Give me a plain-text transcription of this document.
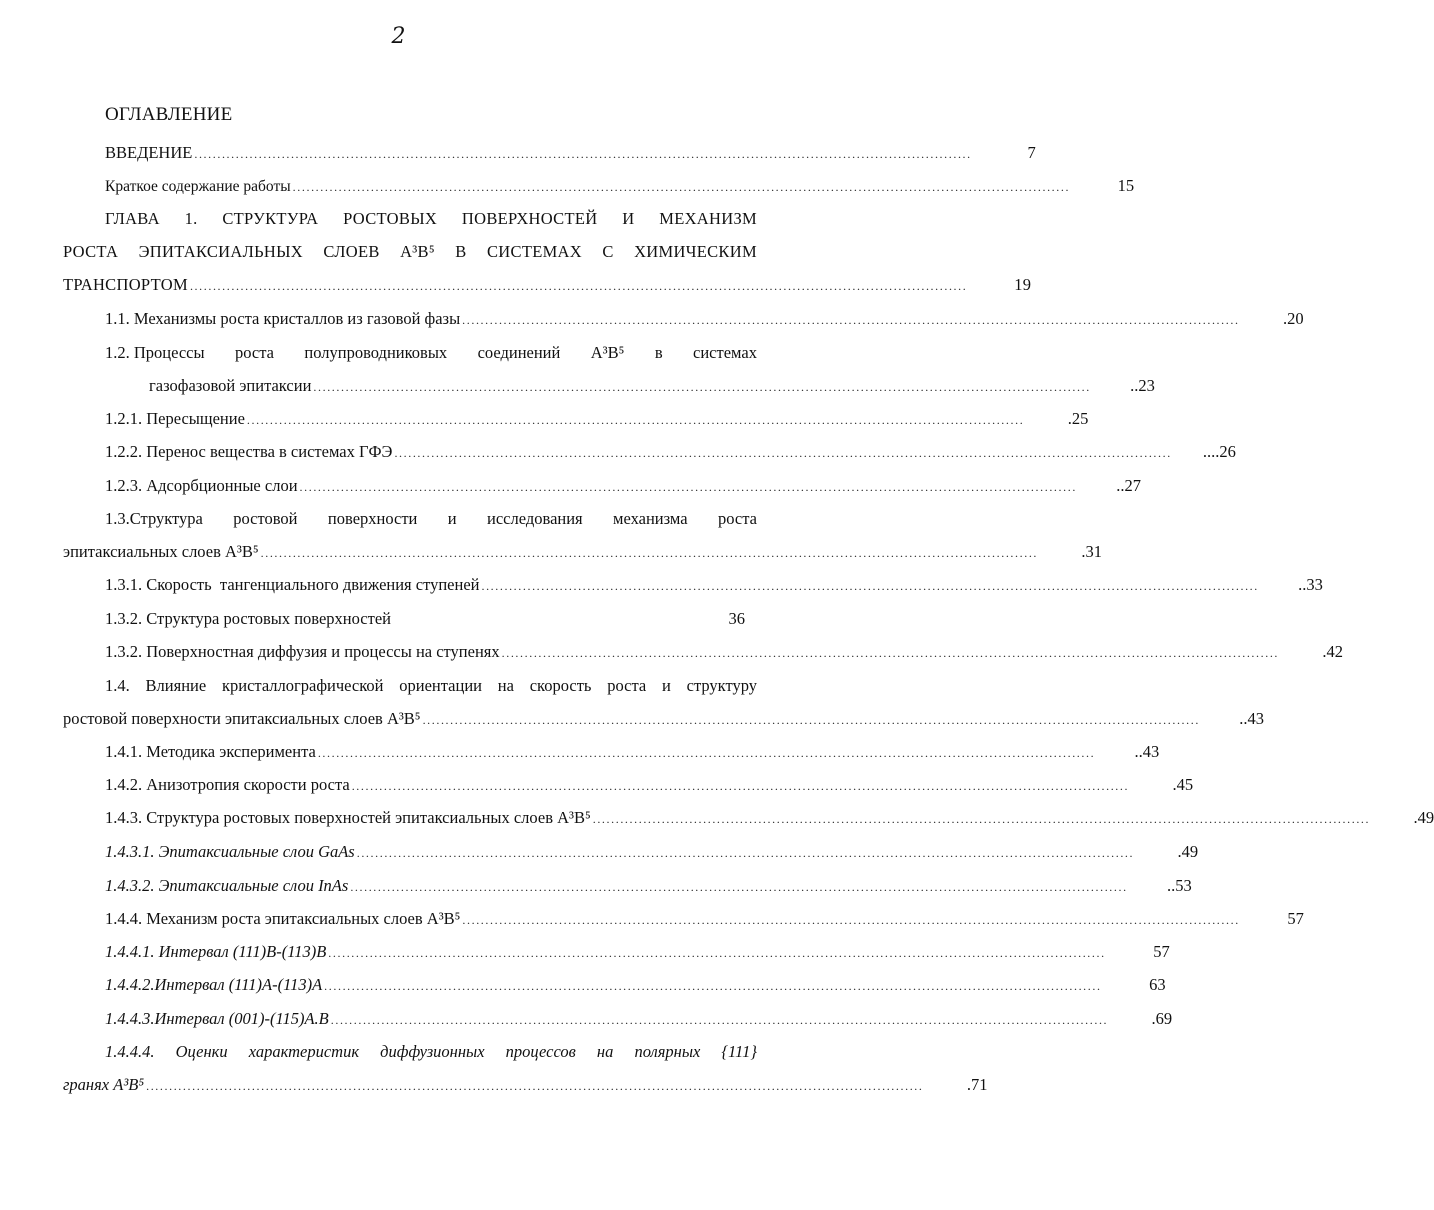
2
ОГЛАВЛЕНИЕ
ВВЕДЕНИЕ .........................................................................................................................................................................	7
Краткое содержание работы .........................................................................................................................................................................	15
ГЛАВА 1. СТРУКТУРА РОСТОВЫХ ПОВЕРХНОСТЕЙ И МЕХАНИЗМ
РОСТА ЭПИТАКСИАЛЬНЫХ СЛОЕВ A³B⁵ В СИСТЕМАХ С ХИМИЧЕСКИМ
ТРАНСПОРТОМ .........................................................................................................................................................................	19
1.1. Механизмы роста кристаллов из газовой фазы .........................................................................................................................................................................	.20
1.2. Процессы роста полупроводниковых соединений A³B⁵ в системах
газофазовой эпитаксии .........................................................................................................................................................................	..23
1.2.1. Пересыщение .........................................................................................................................................................................	.25
1.2.2. Перенос вещества в системах ГФЭ .........................................................................................................................................................................	....26
1.2.3. Адсорбционные слои .........................................................................................................................................................................	..27
1.3.Структура ростовой поверхности и исследования механизма роста
эпитаксиальных слоев A³B⁵ .........................................................................................................................................................................	.31
1.3.1. Скорость  тангенциального движения ступеней .........................................................................................................................................................................	..33
1.3.2. Структура ростовых поверхностей	36
1.3.2. Поверхностная диффузия и процессы на ступенях .........................................................................................................................................................................	.42
1.4. Влияние кристаллографической ориентации на скорость роста и структуру
ростовой поверхности эпитаксиальных слоев A³B⁵ .........................................................................................................................................................................	..43
1.4.1. Методика эксперимента .........................................................................................................................................................................	..43
1.4.2. Анизотропия скорости роста .........................................................................................................................................................................	.45
1.4.3. Структура ростовых поверхностей эпитаксиальных слоев A³B⁵ .........................................................................................................................................................................	.49
1.4.3.1. Эпитаксиальные слои GaAs .........................................................................................................................................................................	.49
1.4.3.2. Эпитаксиальные слои InAs .........................................................................................................................................................................	..53
1.4.4. Механизм роста эпитаксиальных слоев A³B⁵ .........................................................................................................................................................................	57
1.4.4.1. Интервал (111)B-(113)B .........................................................................................................................................................................	57
1.4.4.2.Интервал (111)A-(113)A .........................................................................................................................................................................	63
1.4.4.3.Интервал (001)-(115)A.B .........................................................................................................................................................................	.69
1.4.4.4. Оценки характеристик диффузионных процессов на полярных {111}
гранях A³B⁵ .........................................................................................................................................................................	.71
